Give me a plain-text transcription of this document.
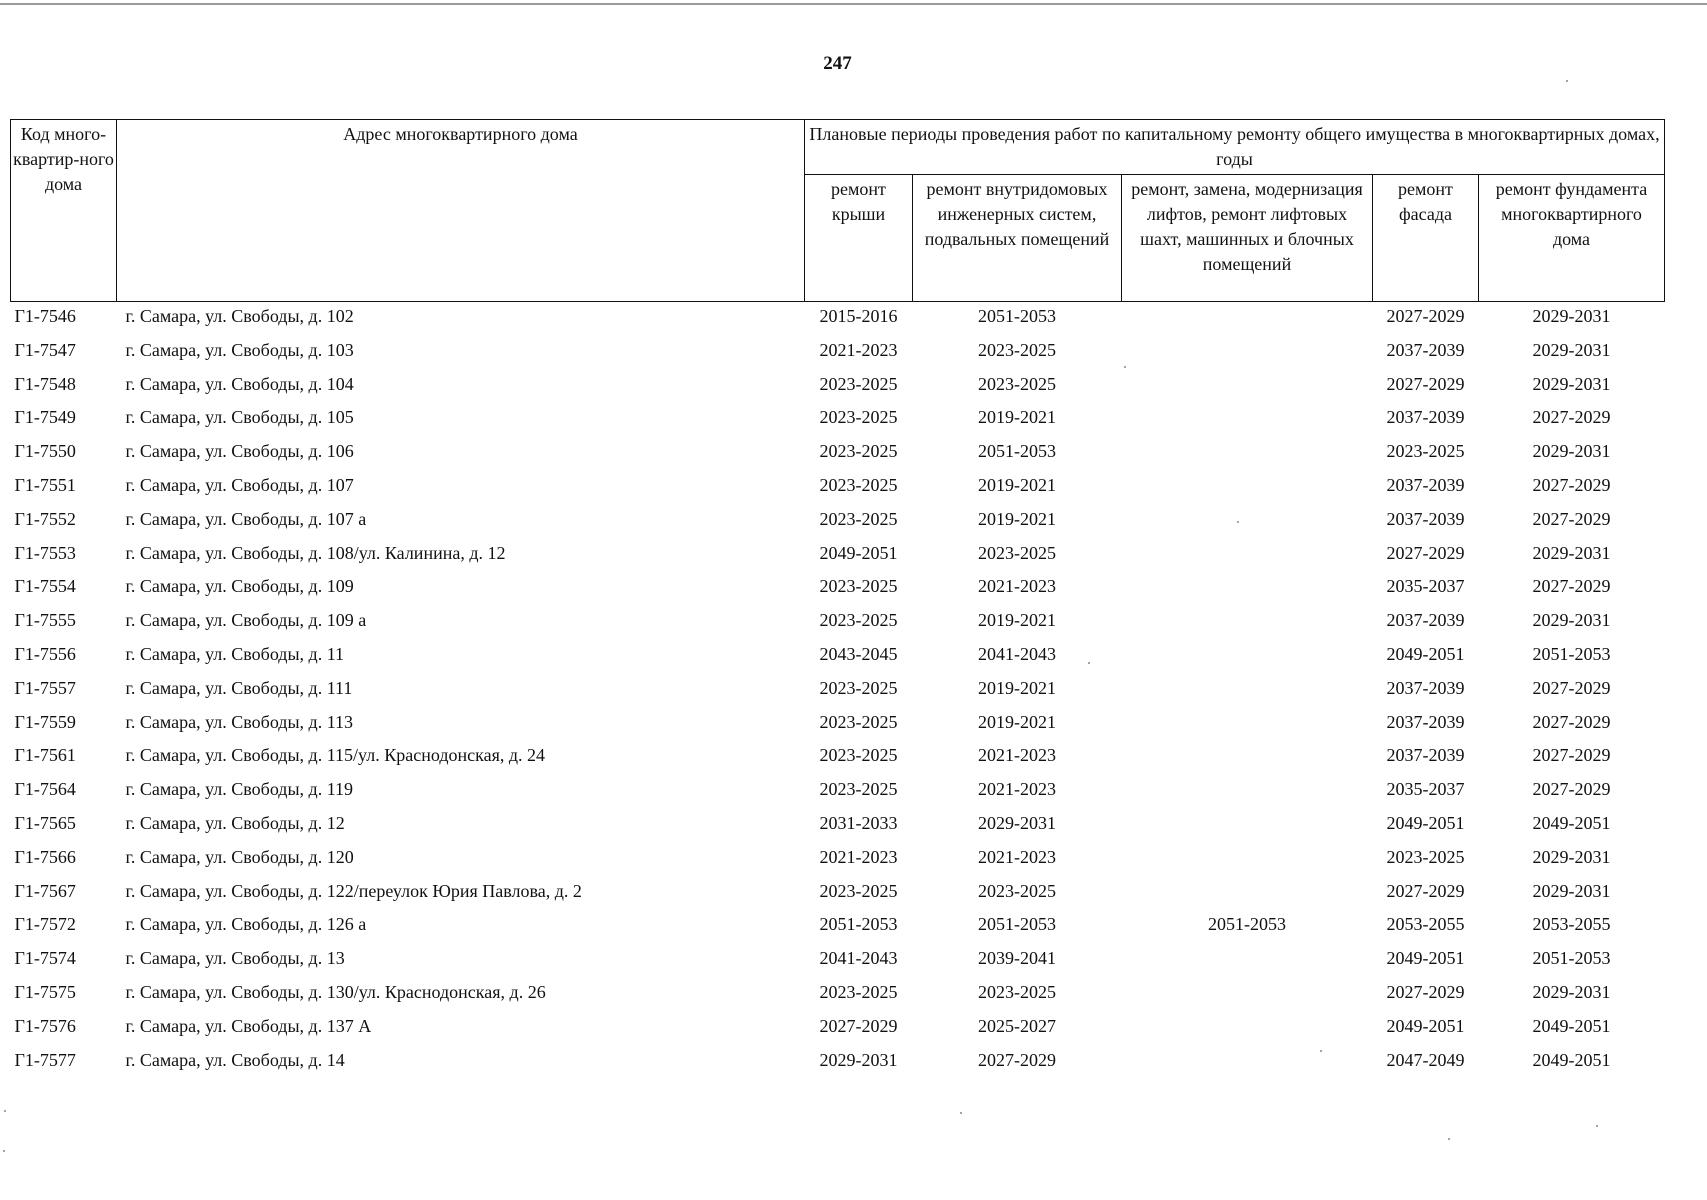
247
Код много-квартир-ного дома	Адрес многоквартирного дома	Плановые периоды проведения работ по капитальному ремонту общего имущества в многоквартирных домах, годы				
		ремонт крыши	ремонт внутридомовых инженерных систем, подвальных помещений	ремонт, замена, модернизация лифтов, ремонт лифтовых шахт, машинных и блочных помещений	ремонт фасада	ремонт фундамента многоквартирного дома
Г1-7546	г. Самара, ул. Свободы, д. 102	2015-2016	2051-2053		2027-2029	2029-2031
Г1-7547	г. Самара, ул. Свободы, д. 103	2021-2023	2023-2025		2037-2039	2029-2031
Г1-7548	г. Самара, ул. Свободы, д. 104	2023-2025	2023-2025		2027-2029	2029-2031
Г1-7549	г. Самара, ул. Свободы, д. 105	2023-2025	2019-2021		2037-2039	2027-2029
Г1-7550	г. Самара, ул. Свободы, д. 106	2023-2025	2051-2053		2023-2025	2029-2031
Г1-7551	г. Самара, ул. Свободы, д. 107	2023-2025	2019-2021		2037-2039	2027-2029
Г1-7552	г. Самара, ул. Свободы, д. 107 а	2023-2025	2019-2021		2037-2039	2027-2029
Г1-7553	г. Самара, ул. Свободы, д. 108/ул. Калинина, д. 12	2049-2051	2023-2025		2027-2029	2029-2031
Г1-7554	г. Самара, ул. Свободы, д. 109	2023-2025	2021-2023		2035-2037	2027-2029
Г1-7555	г. Самара, ул. Свободы, д. 109 а	2023-2025	2019-2021		2037-2039	2029-2031
Г1-7556	г. Самара, ул. Свободы, д. 11	2043-2045	2041-2043		2049-2051	2051-2053
Г1-7557	г. Самара, ул. Свободы, д. 111	2023-2025	2019-2021		2037-2039	2027-2029
Г1-7559	г. Самара, ул. Свободы, д. 113	2023-2025	2019-2021		2037-2039	2027-2029
Г1-7561	г. Самара, ул. Свободы, д. 115/ул. Краснодонская, д. 24	2023-2025	2021-2023		2037-2039	2027-2029
Г1-7564	г. Самара, ул. Свободы, д. 119	2023-2025	2021-2023		2035-2037	2027-2029
Г1-7565	г. Самара, ул. Свободы, д. 12	2031-2033	2029-2031		2049-2051	2049-2051
Г1-7566	г. Самара, ул. Свободы, д. 120	2021-2023	2021-2023		2023-2025	2029-2031
Г1-7567	г. Самара, ул. Свободы, д. 122/переулок Юрия Павлова, д. 2	2023-2025	2023-2025		2027-2029	2029-2031
Г1-7572	г. Самара, ул. Свободы, д. 126 а	2051-2053	2051-2053	2051-2053	2053-2055	2053-2055
Г1-7574	г. Самара, ул. Свободы, д. 13	2041-2043	2039-2041		2049-2051	2051-2053
Г1-7575	г. Самара, ул. Свободы, д. 130/ул. Краснодонская, д. 26	2023-2025	2023-2025		2027-2029	2029-2031
Г1-7576	г. Самара, ул. Свободы, д. 137 А	2027-2029	2025-2027		2049-2051	2049-2051
Г1-7577	г. Самара, ул. Свободы, д. 14	2029-2031	2027-2029		2047-2049	2049-2051
